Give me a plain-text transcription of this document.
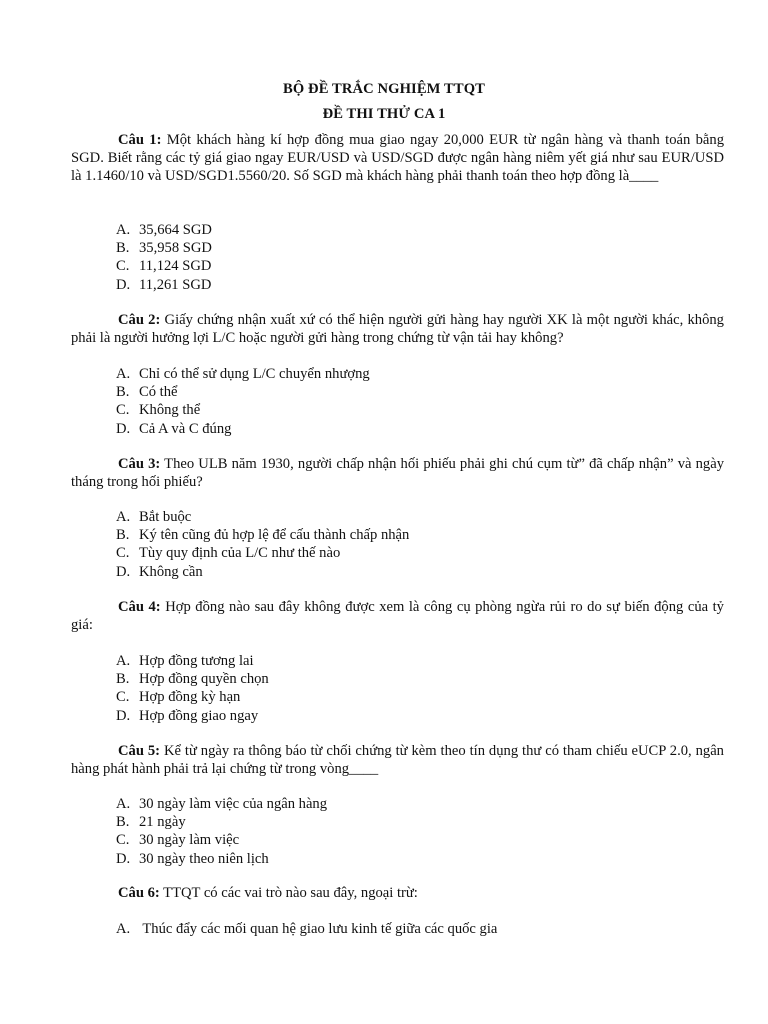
BỘ ĐỀ TRẮC NGHIỆM TTQT
ĐỀ THI THỬ CA 1
Câu 1: Một khách hàng kí hợp đồng mua giao ngay 20,000 EUR từ ngân hàng và thanh toán bằng SGD. Biết rằng các tỷ giá giao ngay EUR/USD và USD/SGD được ngân hàng niêm yết giá như sau EUR/USD là 1.1460/10 và USD/SGD1.5560/20. Số SGD mà khách hàng phải thanh toán theo hợp đồng là____
A. 35,664 SGD
B. 35,958 SGD
C. 11,124 SGD
D. 11,261 SGD
Câu 2: Giấy chứng nhận xuất xứ có thể hiện người gửi hàng hay người XK là một người khác, không phải là người hưởng lợi L/C hoặc người gửi hàng trong chứng từ vận tải hay không?
A. Chỉ có thể sử dụng L/C chuyển nhượng
B. Có thể
C. Không thể
D. Cả A và C đúng
Câu 3: Theo ULB năm 1930, người chấp nhận hối phiếu phải ghi chú cụm từ” đã chấp nhận” và ngày tháng trong hối phiếu?
A. Bắt buộc
B. Ký tên cũng đủ hợp lệ để cấu thành chấp nhận
C. Tùy quy định của L/C như thế nào
D. Không cần
Câu 4: Hợp đồng nào sau đây không được xem là công cụ phòng ngừa rủi ro do sự biến động của tỷ giá:
A. Hợp đồng tương lai
B. Hợp đồng quyền chọn
C. Hợp đồng kỳ hạn
D. Hợp đồng giao ngay
Câu 5: Kể từ ngày ra thông báo từ chối chứng từ kèm theo tín dụng thư có tham chiếu eUCP 2.0, ngân hàng phát hành phải trả lại chứng từ trong vòng____
A. 30 ngày làm việc của ngân hàng
B. 21 ngày
C. 30 ngày làm việc
D. 30 ngày theo niên lịch
Câu 6: TTQT có các vai trò nào sau đây, ngoại trừ:
A. Thúc đẩy các mối quan hệ giao lưu kinh tế giữa các quốc gia
